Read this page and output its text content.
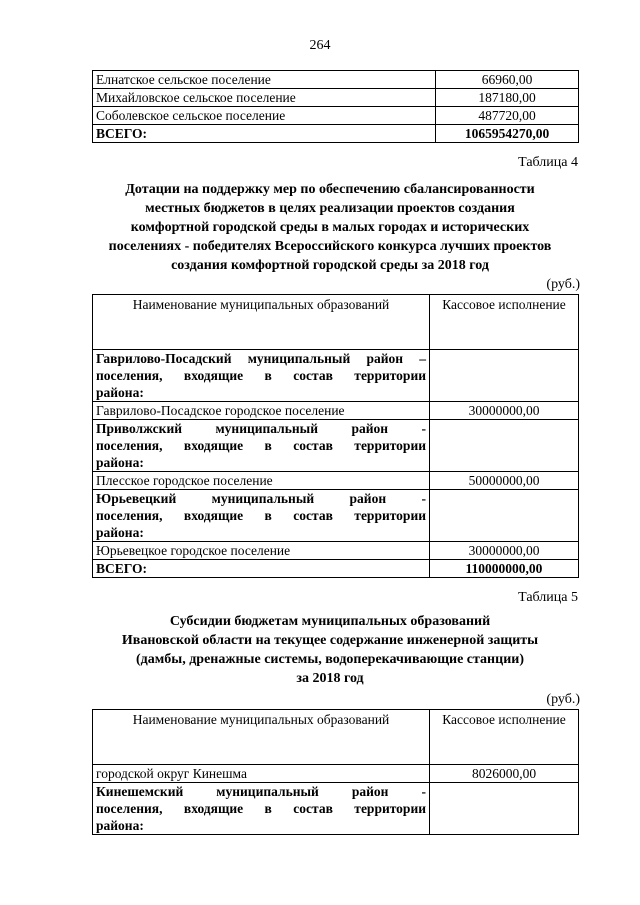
264
Елнатское сельское поселение	66960,00
Михайловское сельское поселение	187180,00
Соболевское сельское поселение	487720,00
ВСЕГО:	1065954270,00
Таблица 4
Дотации на поддержку мер по обеспечению сбалансированности
местных бюджетов в целях реализации проектов создания
комфортной городской среды в малых городах и исторических
поселениях - победителях Всероссийского конкурса лучших проектов
создания комфортной городской среды за 2018 год
(руб.)
Наименование муниципальных образований	Кассовое исполнение

Гаврилово-Посадский муниципальный район –
поселения, входящие в состав территории
района:	

Гаврилово-Посадское городское поселение	30000000,00

Приволжский муниципальный район -
поселения, входящие в состав территории
района:	

Плесское городское поселение	50000000,00

Юрьевецкий муниципальный район -
поселения, входящие в состав территории
района:	

Юрьевецкое городское поселение	30000000,00
ВСЕГО:	110000000,00
Таблица 5
Субсидии бюджетам муниципальных образований
Ивановской области на текущее содержание инженерной защиты
(дамбы, дренажные системы, водоперекачивающие станции)
за 2018 год
(руб.)
Наименование муниципальных образований	Кассовое исполнение
городской округ Кинешма	8026000,00

Кинешемский муниципальный район -
поселения, входящие в состав территории
района:	
